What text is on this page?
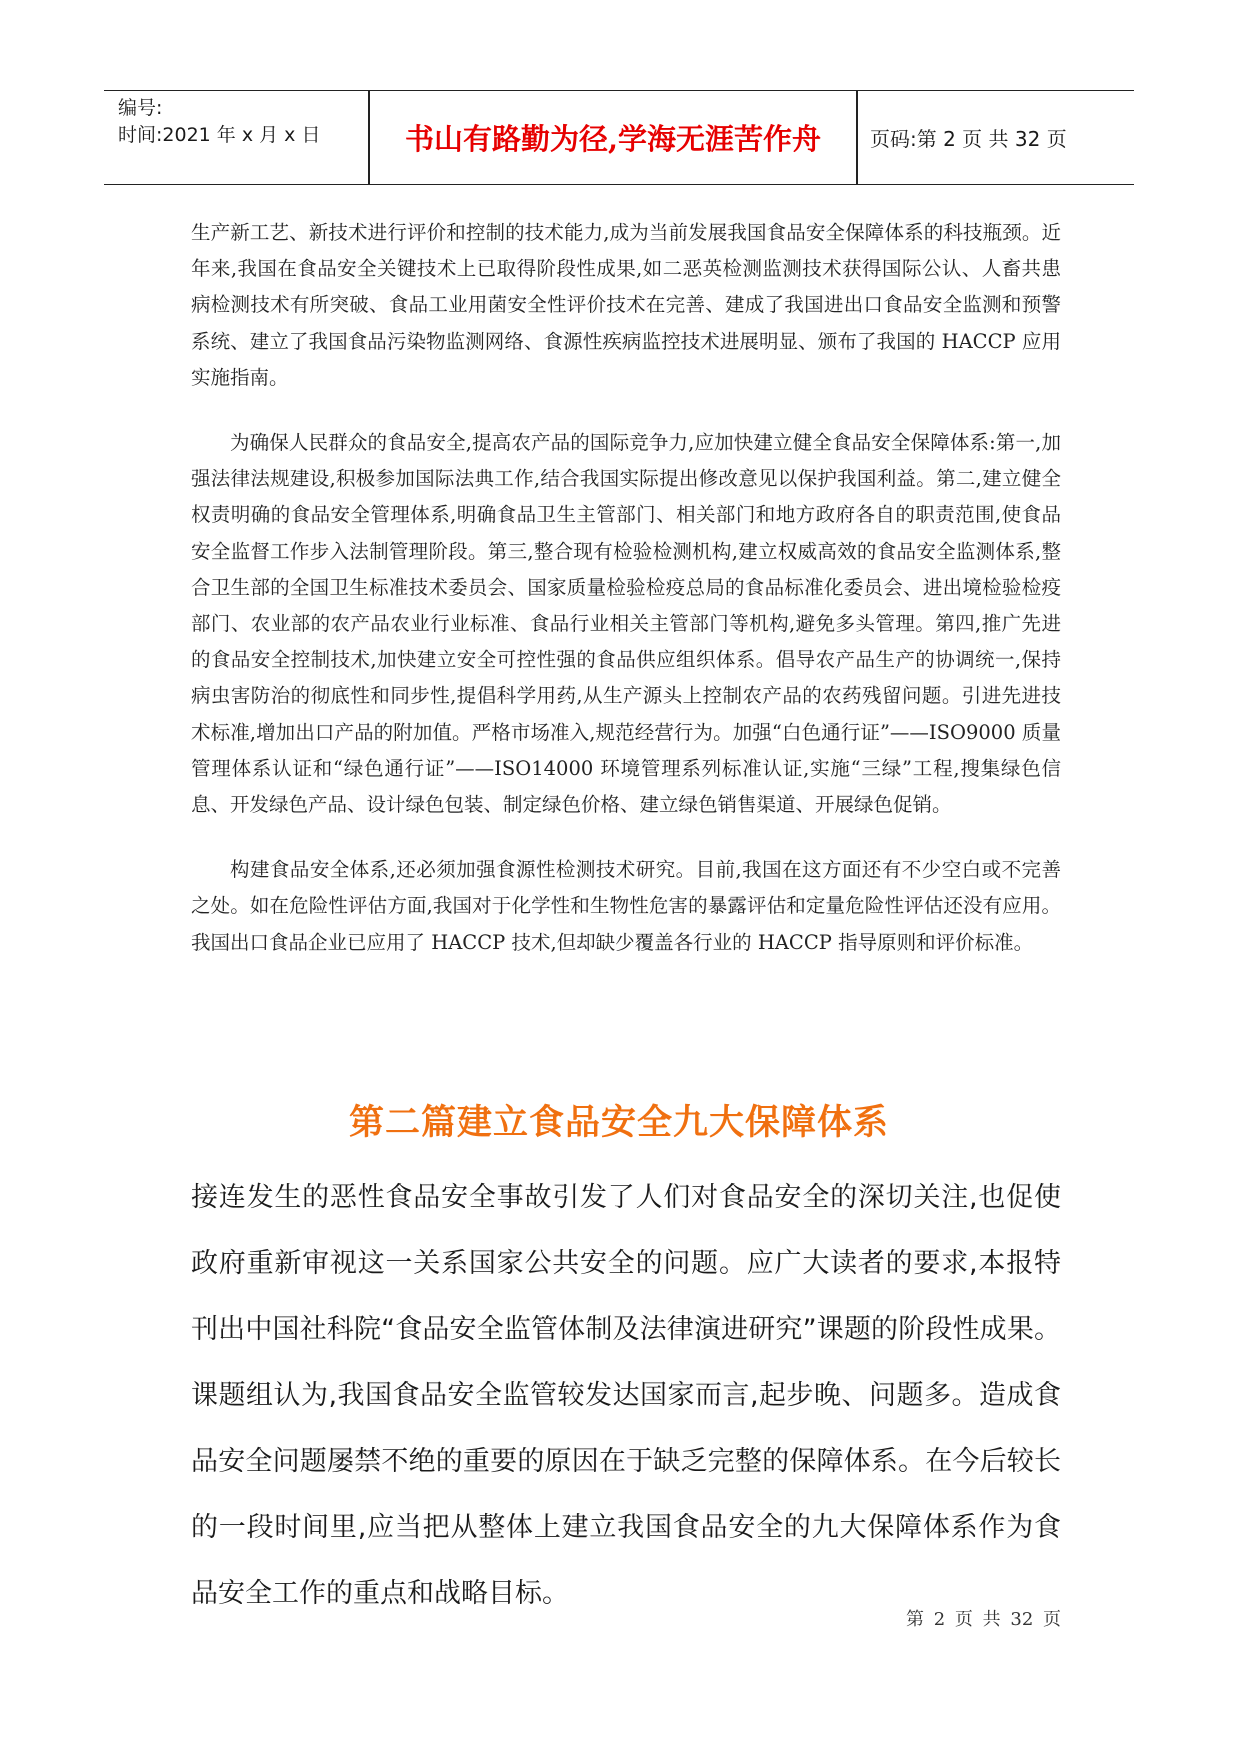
编号:
时间:2021 年 x 月 x 日	书山有路勤为径,学海无涯苦作舟	页码:第 2 页 共 32 页

生产新工艺、新技术进行评价和控制的技术能力,成为当前发展我国食品安全保障体系的科技瓶颈。近年来,我国在食品安全关键技术上已取得阶段性成果,如二恶英检测监测技术获得国际公认、人畜共患病检测技术有所突破、食品工业用菌安全性评价技术在完善、建成了我国进出口食品安全监测和预警系统、建立了我国食品污染物监测网络、食源性疾病监控技术进展明显、颁布了我国的 HACCP 应用实施指南。

为确保人民群众的食品安全,提高农产品的国际竞争力,应加快建立健全食品安全保障体系:第一,加强法律法规建设,积极参加国际法典工作,结合我国实际提出修改意见以保护我国利益。第二,建立健全权责明确的食品安全管理体系,明确食品卫生主管部门、相关部门和地方政府各自的职责范围,使食品安全监督工作步入法制管理阶段。第三,整合现有检验检测机构,建立权威高效的食品安全监测体系,整合卫生部的全国卫生标准技术委员会、国家质量检验检疫总局的食品标准化委员会、进出境检验检疫部门、农业部的农产品农业行业标准、食品行业相关主管部门等机构,避免多头管理。第四,推广先进的食品安全控制技术,加快建立安全可控性强的食品供应组织体系。倡导农产品生产的协调统一,保持病虫害防治的彻底性和同步性,提倡科学用药,从生产源头上控制农产品的农药残留问题。引进先进技术标准,增加出口产品的附加值。严格市场准入,规范经营行为。加强“白色通行证”——ISO9000 质量管理体系认证和“绿色通行证”——ISO14000 环境管理系列标准认证,实施“三绿”工程,搜集绿色信息、开发绿色产品、设计绿色包装、制定绿色价格、建立绿色销售渠道、开展绿色促销。

构建食品安全体系,还必须加强食源性检测技术研究。目前,我国在这方面还有不少空白或不完善之处。如在危险性评估方面,我国对于化学性和生物性危害的暴露评估和定量危险性评估还没有应用。我国出口食品企业已应用了 HACCP 技术,但却缺少覆盖各行业的 HACCP 指导原则和评价标准。

第二篇建立食品安全九大保障体系
接连发生的恶性食品安全事故引发了人们对食品安全的深切关注,也促使政府重新审视这一关系国家公共安全的问题。应广大读者的要求,本报特刊出中国社科院“食品安全监管体制及法律演进研究”课题的阶段性成果。课题组认为,我国食品安全监管较发达国家而言,起步晚、问题多。造成食品安全问题屡禁不绝的重要的原因在于缺乏完整的保障体系。在今后较长的一段时间里,应当把从整体上建立我国食品安全的九大保障体系作为食品安全工作的重点和战略目标。
第 2 页 共 32 页
